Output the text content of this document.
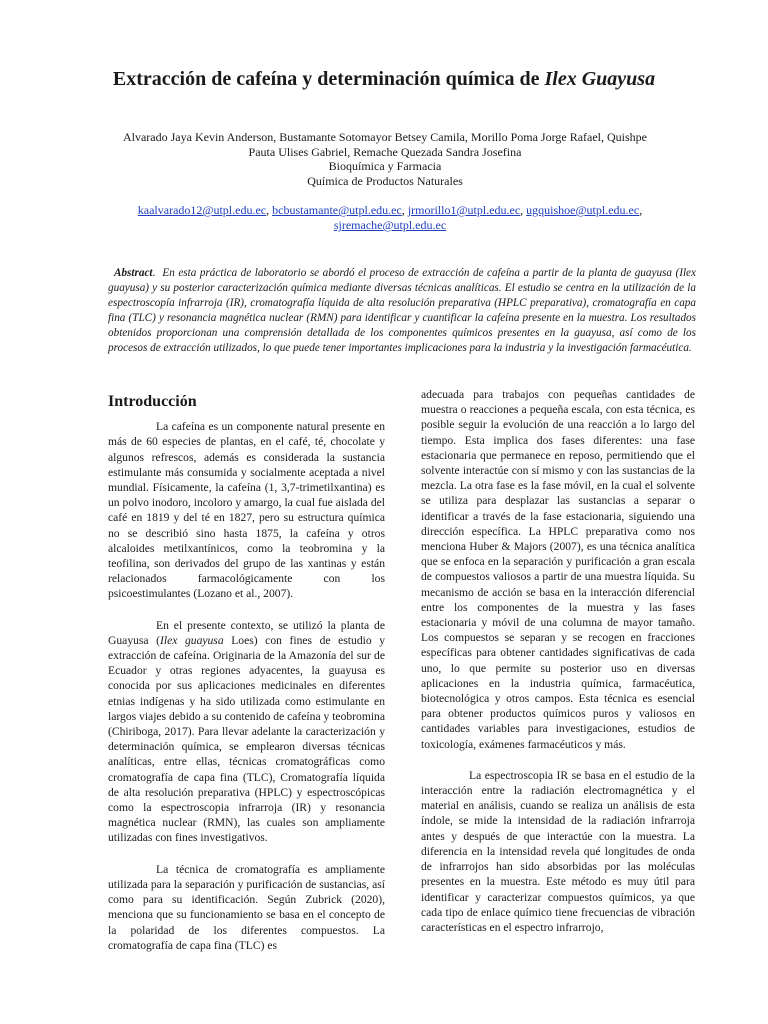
Extracción de cafeína y determinación química de Ilex Guayusa
Alvarado Jaya Kevin Anderson, Bustamante Sotomayor Betsey Camila, Morillo Poma Jorge Rafael, Quishpe
Pauta Ulises Gabriel, Remache Quezada Sandra Josefina
Bioquímica y Farmacia
Química de Productos Naturales
kaalvarado12@utpl.edu.ec, bcbustamante@utpl.edu.ec, jrmorillo1@utpl.edu.ec, ugquishoe@utpl.edu.ec,
sjremache@utpl.edu.ec
Abstract. En esta práctica de laboratorio se abordó el proceso de extracción de cafeína a partir de la planta de guayusa (Ilex guayusa) y su posterior caracterización química mediante diversas técnicas analíticas. El estudio se centra en la utilización de la espectroscopía infrarroja (IR), cromatografía líquida de alta resolución preparativa (HPLC preparativa), cromatografía en capa fina (TLC) y resonancia magnética nuclear (RMN) para identificar y cuantificar la cafeína presente en la muestra. Los resultados obtenidos proporcionan una comprensión detallada de los componentes químicos presentes en la guayusa, así como de los procesos de extracción utilizados, lo que puede tener importantes implicaciones para la industria y la investigación farmacéutica.
Introducción

La cafeína es un componente natural presente en más de 60 especies de plantas, en el café, té, chocolate y algunos refrescos, además es considerada la sustancia estimulante más consumida y socialmente aceptada a nivel mundial. Físicamente, la cafeína (1, 3,7-trimetilxantina) es un polvo inodoro, incoloro y amargo, la cual fue aislada del café en 1819 y del té en 1827, pero su estructura química no se describió sino hasta 1875, la cafeína y otros alcaloides metilxantínicos, como la teobromina y la teofilina, son derivados del grupo de las xantinas y están relacionados farmacológicamente con los psicoestimulantes (Lozano et al., 2007).

En el presente contexto, se utilizó la planta de Guayusa (Ilex guayusa Loes) con fines de estudio y extracción de cafeína. Originaria de la Amazonía del sur de Ecuador y otras regiones adyacentes, la guayusa es conocida por sus aplicaciones medicinales en diferentes etnias indígenas y ha sido utilizada como estimulante en largos viajes debido a su contenido de cafeína y teobromina (Chiriboga, 2017). Para llevar adelante la caracterización y determinación química, se emplearon diversas técnicas analíticas, entre ellas, técnicas cromatográficas como cromatografía de capa fina (TLC), Cromatografía líquida de alta resolución preparativa (HPLC) y espectroscópicas como la espectroscopia infrarroja (IR) y resonancia magnética nuclear (RMN), las cuales son ampliamente utilizadas con fines investigativos.

La técnica de cromatografía es ampliamente utilizada para la separación y purificación de sustancias, así como para su identificación. Según Zubrick (2020), menciona que su funcionamiento se basa en el concepto de la polaridad de los diferentes compuestos. La cromatografía de capa fina (TLC) es

adecuada para trabajos con pequeñas cantidades de muestra o reacciones a pequeña escala, con esta técnica, es posible seguir la evolución de una reacción a lo largo del tiempo. Esta implica dos fases diferentes: una fase estacionaria que permanece en reposo, permitiendo que el solvente interactúe con sí mismo y con las sustancias de la mezcla. La otra fase es la fase móvil, en la cual el solvente se utiliza para desplazar las sustancias a separar o identificar a través de la fase estacionaria, siguiendo una dirección específica. La HPLC preparativa como nos menciona Huber & Majors (2007), es una técnica analítica que se enfoca en la separación y purificación a gran escala de compuestos valiosos a partir de una muestra líquida. Su mecanismo de acción se basa en la interacción diferencial entre los componentes de la muestra y las fases estacionaria y móvil de una columna de mayor tamaño. Los compuestos se separan y se recogen en fracciones específicas para obtener cantidades significativas de cada uno, lo que permite su posterior uso en diversas aplicaciones en la industria química, farmacéutica, biotecnológica y otros campos. Esta técnica es esencial para obtener productos químicos puros y valiosos en cantidades variables para investigaciones, estudios de toxicología, exámenes farmacéuticos y más.

La espectroscopia IR se basa en el estudio de la interacción entre la radiación electromagnética y el material en análisis, cuando se realiza un análisis de esta índole, se mide la intensidad de la radiación infrarroja antes y después de que interactúe con la muestra. La diferencia en la intensidad revela qué longitudes de onda de infrarrojos han sido absorbidas por las moléculas presentes en la muestra. Este método es muy útil para identificar y caracterizar compuestos químicos, ya que cada tipo de enlace químico tiene frecuencias de vibración características en el espectro infrarrojo,
